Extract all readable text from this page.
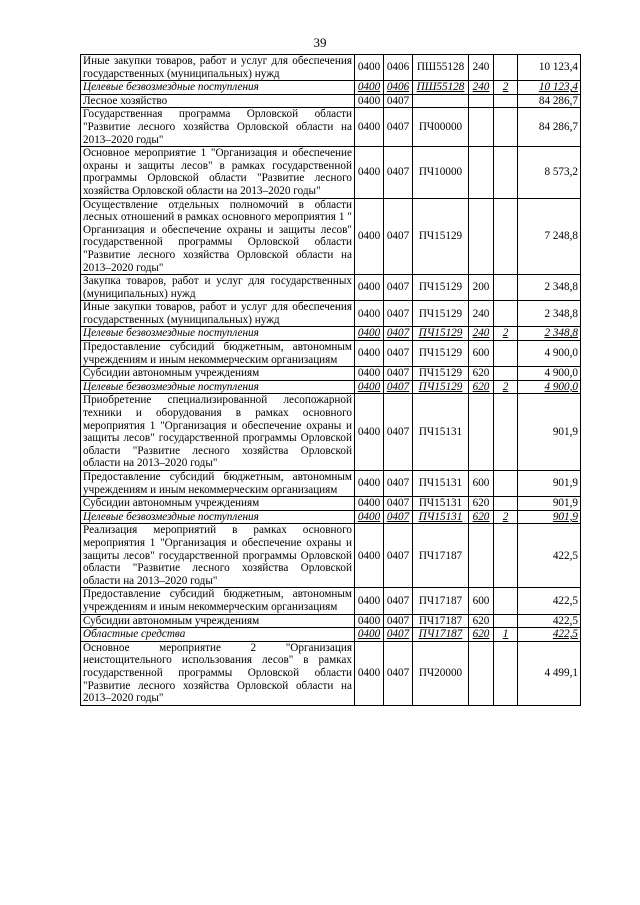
39
Иные закупки товаров, работ и услуг для обеспечения государственных (муниципальных) нужд	0400	0406	ПШ55128	240		10 123,4
Целевые безвозмездные поступления	0400	0406	ПШ55128	240	2	10 123,4
Лесное хозяйство	0400	0407				84 286,7
Государственная программа Орловской области "Развитие лесного хозяйства Орловской области на 2013–2020 годы"	0400	0407	ПЧ00000			84 286,7
Основное мероприятие 1 "Организация и обеспечение охраны и защиты лесов" в рамках государственной программы Орловской области "Развитие лесного хозяйства Орловской области на 2013–2020 годы"	0400	0407	ПЧ10000			8 573,2
Осуществление отдельных полномочий в области лесных отношений в рамках основного мероприятия 1 " Организация и обеспечение охраны и защиты лесов" государственной программы Орловской области "Развитие лесного хозяйства Орловской области на 2013–2020 годы"	0400	0407	ПЧ15129			7 248,8
Закупка товаров, работ и услуг для государственных (муниципальных) нужд	0400	0407	ПЧ15129	200		2 348,8
Иные закупки товаров, работ и услуг для обеспечения государственных (муниципальных) нужд	0400	0407	ПЧ15129	240		2 348,8
Целевые безвозмездные поступления	0400	0407	ПЧ15129	240	2	2 348,8
Предоставление субсидий бюджетным, автономным учреждениям и иным некоммерческим организациям	0400	0407	ПЧ15129	600		4 900,0
Субсидии автономным учреждениям	0400	0407	ПЧ15129	620		4 900,0
Целевые безвозмездные поступления	0400	0407	ПЧ15129	620	2	4 900,0
Приобретение специализированной лесопожарной техники и оборудования в рамках основного мероприятия 1 "Организация и обеспечение охраны и защиты лесов" государственной программы Орловской области "Развитие лесного хозяйства Орловской области на 2013–2020 годы"	0400	0407	ПЧ15131			901,9
Предоставление субсидий бюджетным, автономным учреждениям и иным некоммерческим организациям	0400	0407	ПЧ15131	600		901,9
Субсидии автономным учреждениям	0400	0407	ПЧ15131	620		901,9
Целевые безвозмездные поступления	0400	0407	ПЧ15131	620	2	901,9
Реализация мероприятий в рамках основного мероприятия 1 "Организация и обеспечение охраны и защиты лесов" государственной программы Орловской области "Развитие лесного хозяйства Орловской области на 2013–2020 годы"	0400	0407	ПЧ17187			422,5
Предоставление субсидий бюджетным, автономным учреждениям и иным некоммерческим организациям	0400	0407	ПЧ17187	600		422,5
Субсидии автономным учреждениям	0400	0407	ПЧ17187	620		422,5
Областные средства	0400	0407	ПЧ17187	620	1	422,5
Основное мероприятие 2 "Организация неистощительного использования лесов" в рамках государственной программы Орловской области "Развитие лесного хозяйства Орловской области на 2013–2020 годы"	0400	0407	ПЧ20000			4 499,1
